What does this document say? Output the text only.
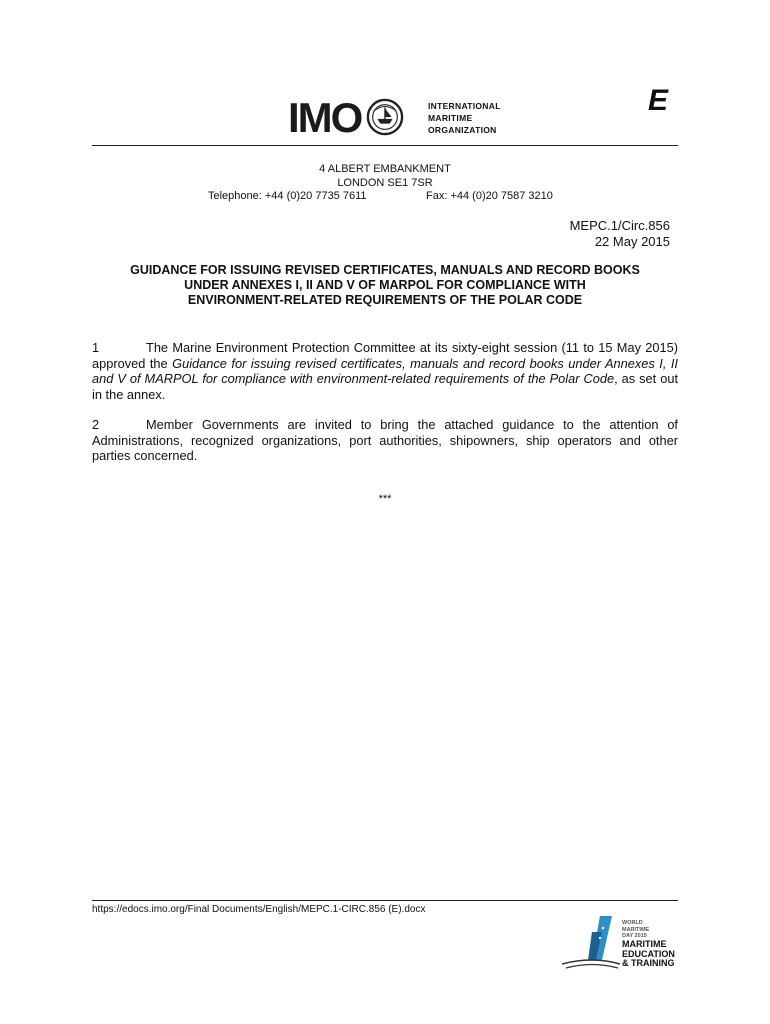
E
IMO	INTERNATIONAL
MARITIME
ORGANIZATION
4 ALBERT EMBANKMENT
LONDON SE1 7SR
Telephone: +44 (0)20 7735 7611	Fax: +44 (0)20 7587 3210
MEPC.1/Circ.856
22 May 2015
GUIDANCE FOR ISSUING REVISED CERTIFICATES, MANUALS AND RECORD BOOKS
UNDER ANNEXES I, II AND V OF MARPOL FOR COMPLIANCE WITH
ENVIRONMENT-RELATED REQUIREMENTS OF THE POLAR CODE
1	The Marine Environment Protection Committee at its sixty-eight session (11 to 15 May 2015) approved the Guidance for issuing revised certificates, manuals and record books under Annexes I, II and V of MARPOL for compliance with environment-related requirements of the Polar Code, as set out in the annex.
2	Member Governments are invited to bring the attached guidance to the attention of Administrations, recognized organizations, port authorities, shipowners, ship operators and other parties concerned.
***
https://edocs.imo.org/Final Documents/English/MEPC.1-CIRC.856 (E).docx
WORLD
MARITIME
DAY 2015
MARITIME
EDUCATION
& TRAINING
